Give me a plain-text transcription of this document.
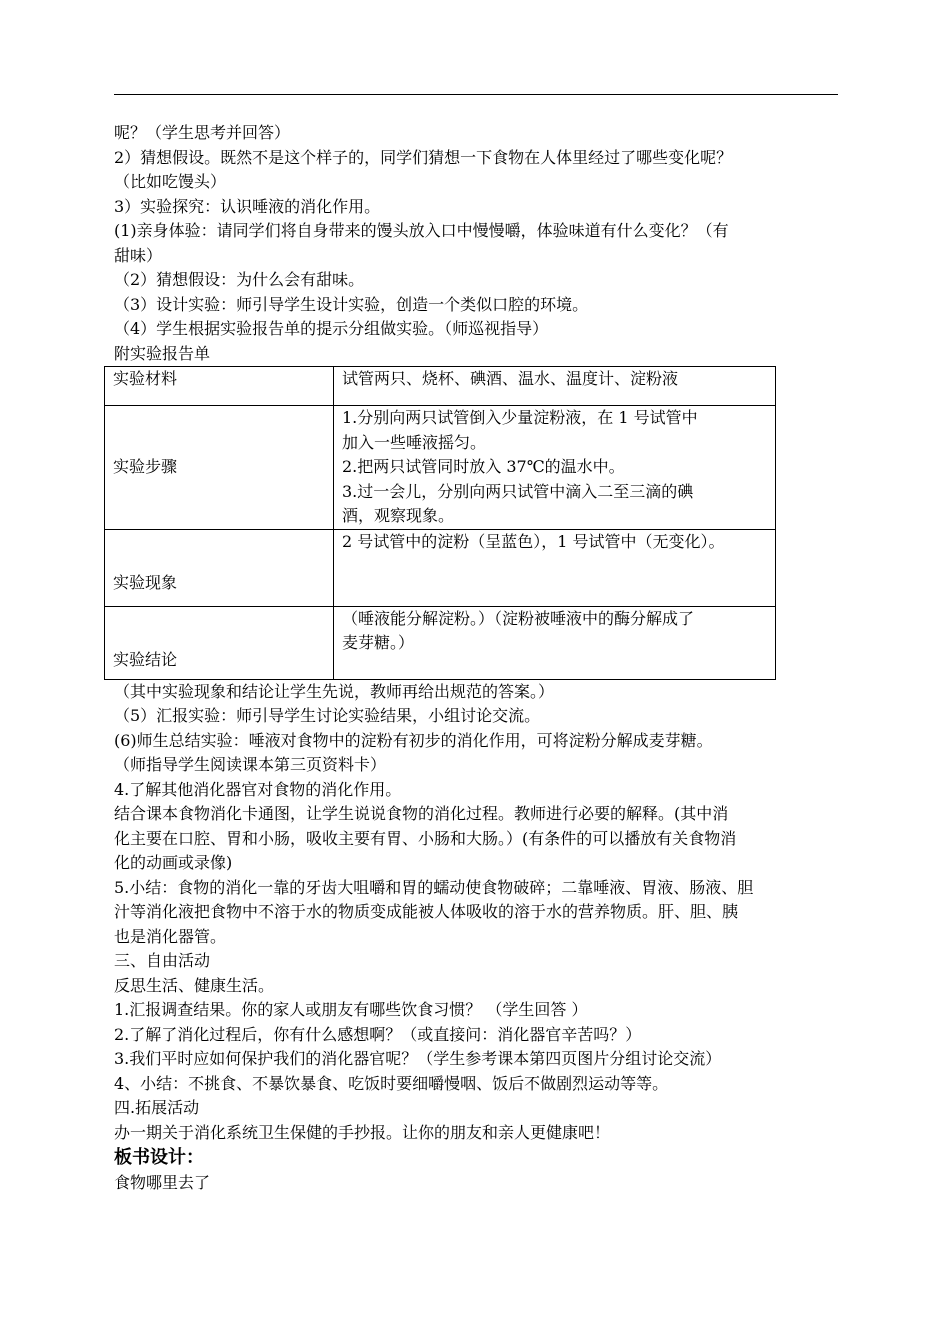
呢？（学生思考并回答）
2）猜想假设。既然不是这个样子的，同学们猜想一下食物在人体里经过了哪些变化呢？
（比如吃馒头）
3）实验探究：认识唾液的消化作用。
(1)亲身体验：请同学们将自身带来的馒头放入口中慢慢嚼，体验味道有什么变化？（有
甜味）
（2）猜想假设：为什么会有甜味。
（3）设计实验：师引导学生设计实验，创造一个类似口腔的环境。
（4）学生根据实验报告单的提示分组做实验。（师巡视指导）
附实验报告单
实验材料	试管两只、烧杯、碘酒、温水、温度计、淀粉液
实验步骤	1.分别向两只试管倒入少量淀粉液，在 1 号试管中
加入一些唾液摇匀。
2.把两只试管同时放入 37℃的温水中。
3.过一会儿，分别向两只试管中滴入二至三滴的碘
酒，观察现象。

实验现象	2 号试管中的淀粉（呈蓝色），1 号试管中（无变化）。
实验结论	（唾液能分解淀粉。）（淀粉被唾液中的酶分解成了
麦芽糖。）
（其中实验现象和结论让学生先说，教师再给出规范的答案。）
（5）汇报实验：师引导学生讨论实验结果，小组讨论交流。
(6)师生总结实验：唾液对食物中的淀粉有初步的消化作用，可将淀粉分解成麦芽糖。
（师指导学生阅读课本第三页资料卡）
4.了解其他消化器官对食物的消化作用。
结合课本食物消化卡通图，让学生说说食物的消化过程。教师进行必要的解释。(其中消
化主要在口腔、胃和小肠，吸收主要有胃、小肠和大肠。）(有条件的可以播放有关食物消
化的动画或录像)
5.小结：食物的消化一靠的牙齿大咀嚼和胃的蠕动使食物破碎；二靠唾液、胃液、肠液、胆
汁等消化液把食物中不溶于水的物质变成能被人体吸收的溶于水的营养物质。肝、胆、胰
也是消化器管。
三、自由活动
反思生活、健康生活。
1.汇报调查结果。你的家人或朋友有哪些饮食习惯？ （学生回答 ）
2.了解了消化过程后，你有什么感想啊？（或直接问：消化器官辛苦吗？）
3.我们平时应如何保护我们的消化器官呢？（学生参考课本第四页图片分组讨论交流）
4、小结：不挑食、不暴饮暴食、吃饭时要细嚼慢咽、饭后不做剧烈运动等等。
四.拓展活动
办一期关于消化系统卫生保健的手抄报。让你的朋友和亲人更健康吧！
板书设计：
食物哪里去了
